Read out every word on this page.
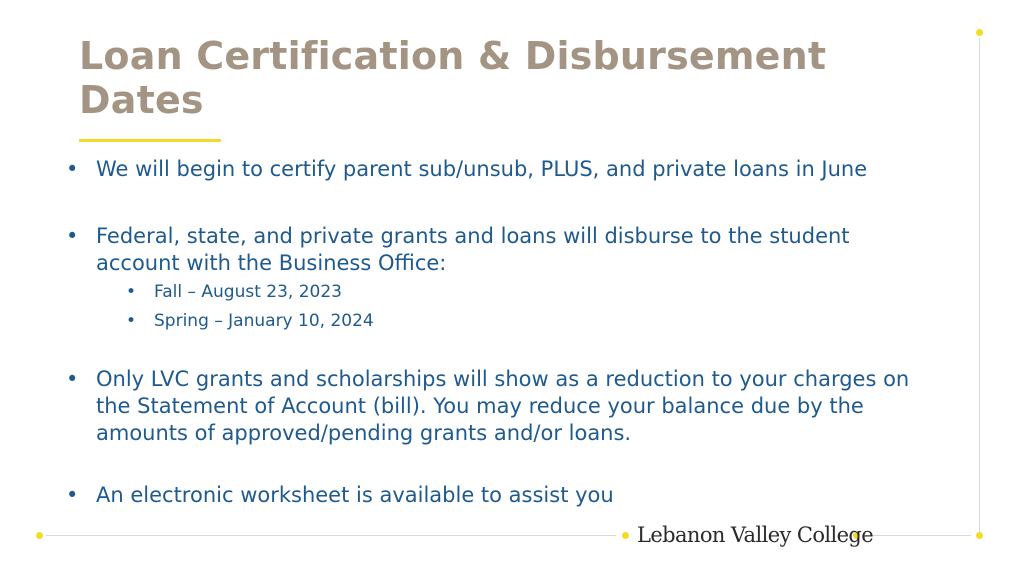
Loan Certification & Disbursement Dates
• We will begin to certify parent sub/unsub, PLUS, and private loans in June
• Federal, state, and private grants and loans will disburse to the student account with the Business Office:
• Fall – August 23, 2023
• Spring – January 10, 2024
• Only LVC grants and scholarships will show as a reduction to your charges on the Statement of Account (bill). You may reduce your balance due by the amounts of approved/pending grants and/or loans.
• An electronic worksheet is available to assist you
Lebanon Valley College
